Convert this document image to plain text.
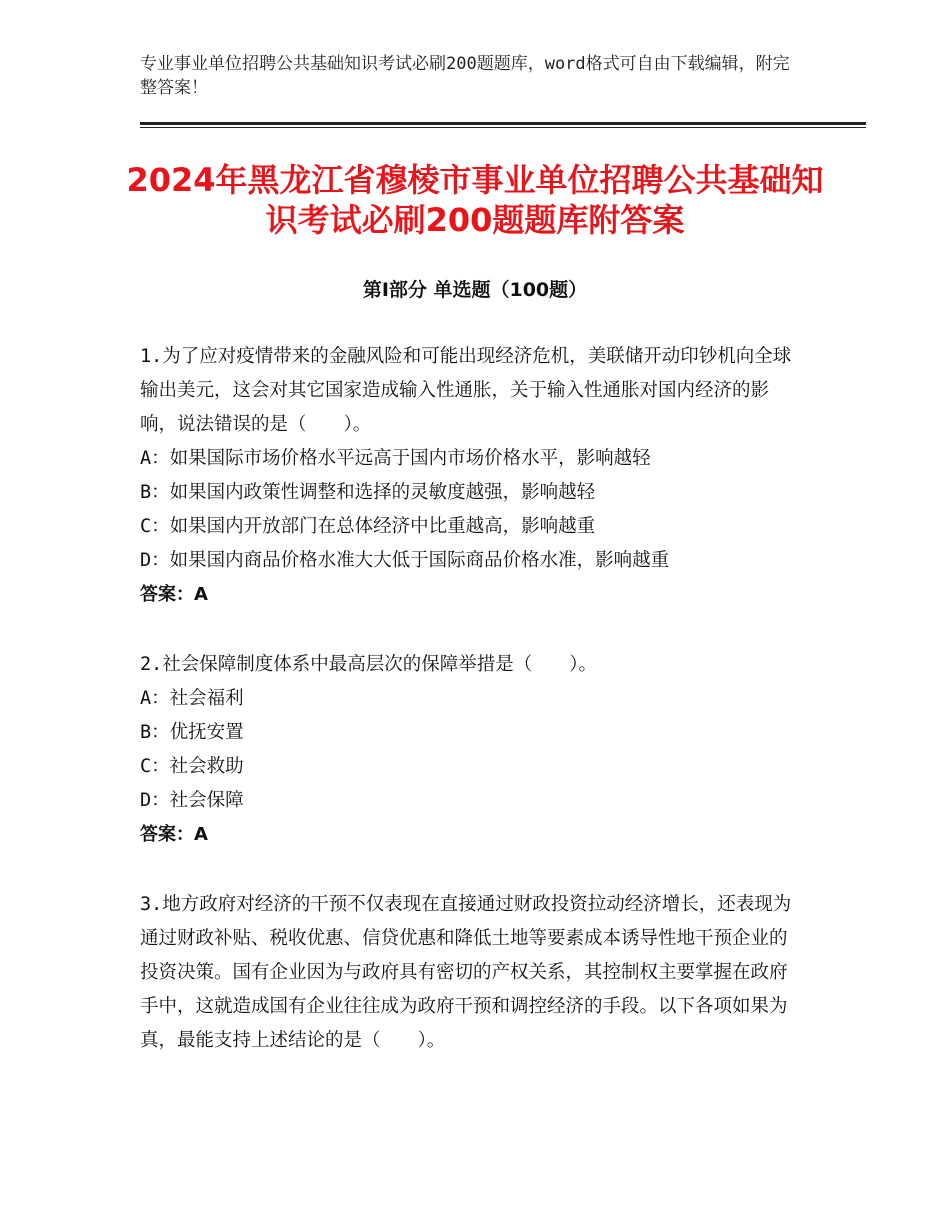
专业事业单位招聘公共基础知识考试必刷200题题库，word格式可自由下载编辑，附完整答案！
2024年黑龙江省穆棱市事业单位招聘公共基础知识考试必刷200题题库附答案
第Ⅰ部分 单选题（100题）
1.为了应对疫情带来的金融风险和可能出现经济危机，美联储开动印钞机向全球输出美元，这会对其它国家造成输入性通胀，关于输入性通胀对国内经济的影响，说法错误的是（　　）。
A：如果国际市场价格水平远高于国内市场价格水平，影响越轻
B：如果国内政策性调整和选择的灵敏度越强，影响越轻
C：如果国内开放部门在总体经济中比重越高，影响越重
D：如果国内商品价格水准大大低于国际商品价格水准，影响越重
答案：A
2.社会保障制度体系中最高层次的保障举措是（　　）。
A：社会福利
B：优抚安置
C：社会救助
D：社会保障
答案：A
3.地方政府对经济的干预不仅表现在直接通过财政投资拉动经济增长，还表现为通过财政补贴、税收优惠、信贷优惠和降低土地等要素成本诱导性地干预企业的投资决策。国有企业因为与政府具有密切的产权关系，其控制权主要掌握在政府手中，这就造成国有企业往往成为政府干预和调控经济的手段。以下各项如果为真，最能支持上述结论的是（　　）。
